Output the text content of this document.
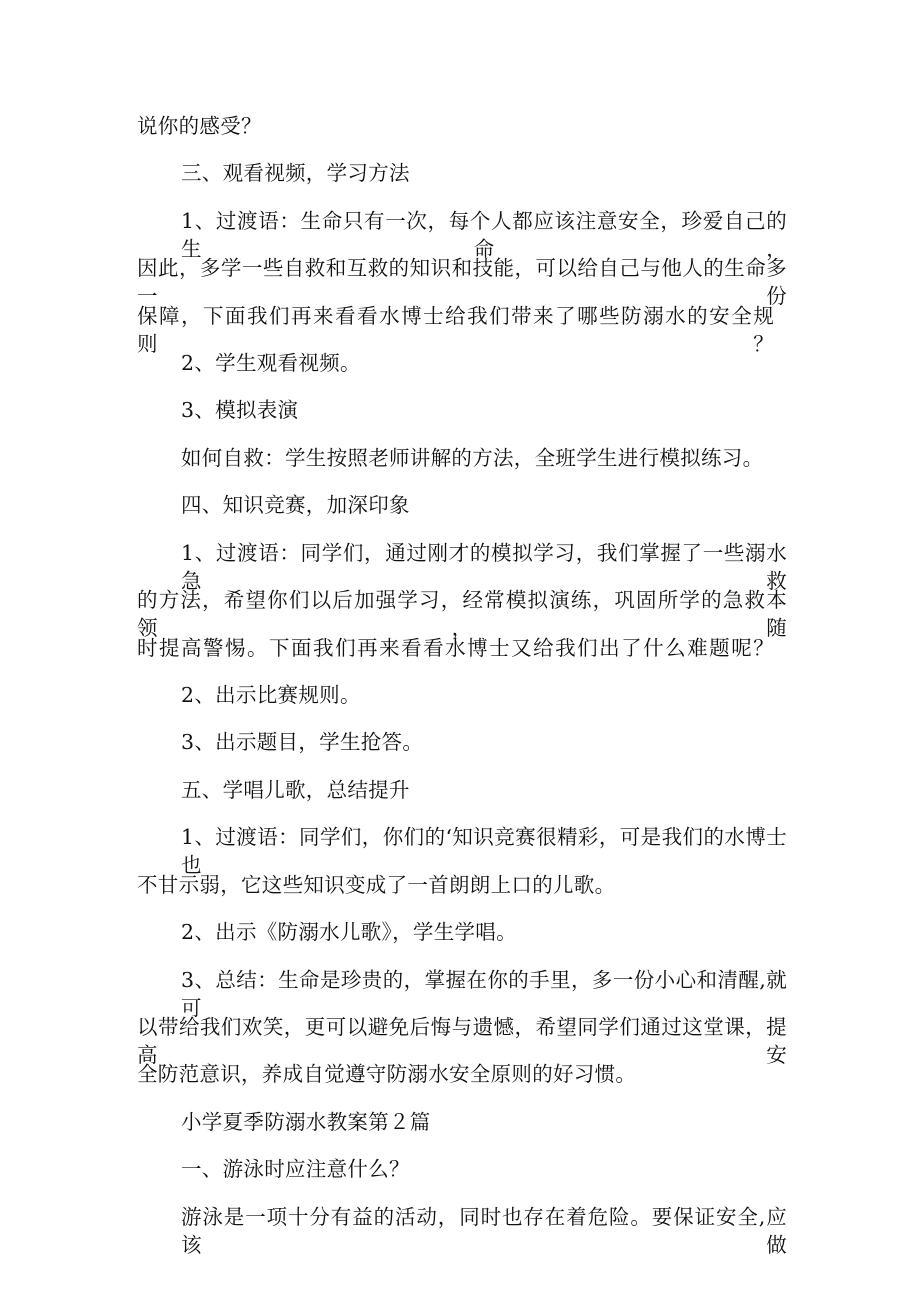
说你的感受？
三、观看视频，学习方法
1、过渡语：生命只有一次，每个人都应该注意安全，珍爱自己的生命，
因此，多学一些自救和互救的知识和技能，可以给自己与他人的生命多一份
保障，下面我们再来看看水博士给我们带来了哪些防溺水的安全规则？
2、学生观看视频。
3、模拟表演
如何自救：学生按照老师讲解的方法，全班学生进行模拟练习。
四、知识竞赛，加深印象
1、过渡语：同学们，通过刚才的模拟学习，我们掌握了一些溺水急救
的方法，希望你们以后加强学习，经常模拟演练，巩固所学的急救本领，随
时提高警惕。下面我们再来看看水博士又给我们出了什么难题呢？
2、出示比赛规则。
3、出示题目，学生抢答。
五、学唱儿歌，总结提升
1、过渡语：同学们，你们的‘知识竞赛很精彩，可是我们的水博士也
不甘示弱，它这些知识变成了一首朗朗上口的儿歌。
2、出示《防溺水儿歌》，学生学唱。
3、总结：生命是珍贵的，掌握在你的手里，多一份小心和清醒,就可
以带给我们欢笑，更可以避免后悔与遗憾，希望同学们通过这堂课，提高安
全防范意识，养成自觉遵守防溺水安全原则的好习惯。
小学夏季防溺水教案第２篇
一、游泳时应注意什么？
游泳是一项十分有益的活动，同时也存在着危险。要保证安全,应该做
